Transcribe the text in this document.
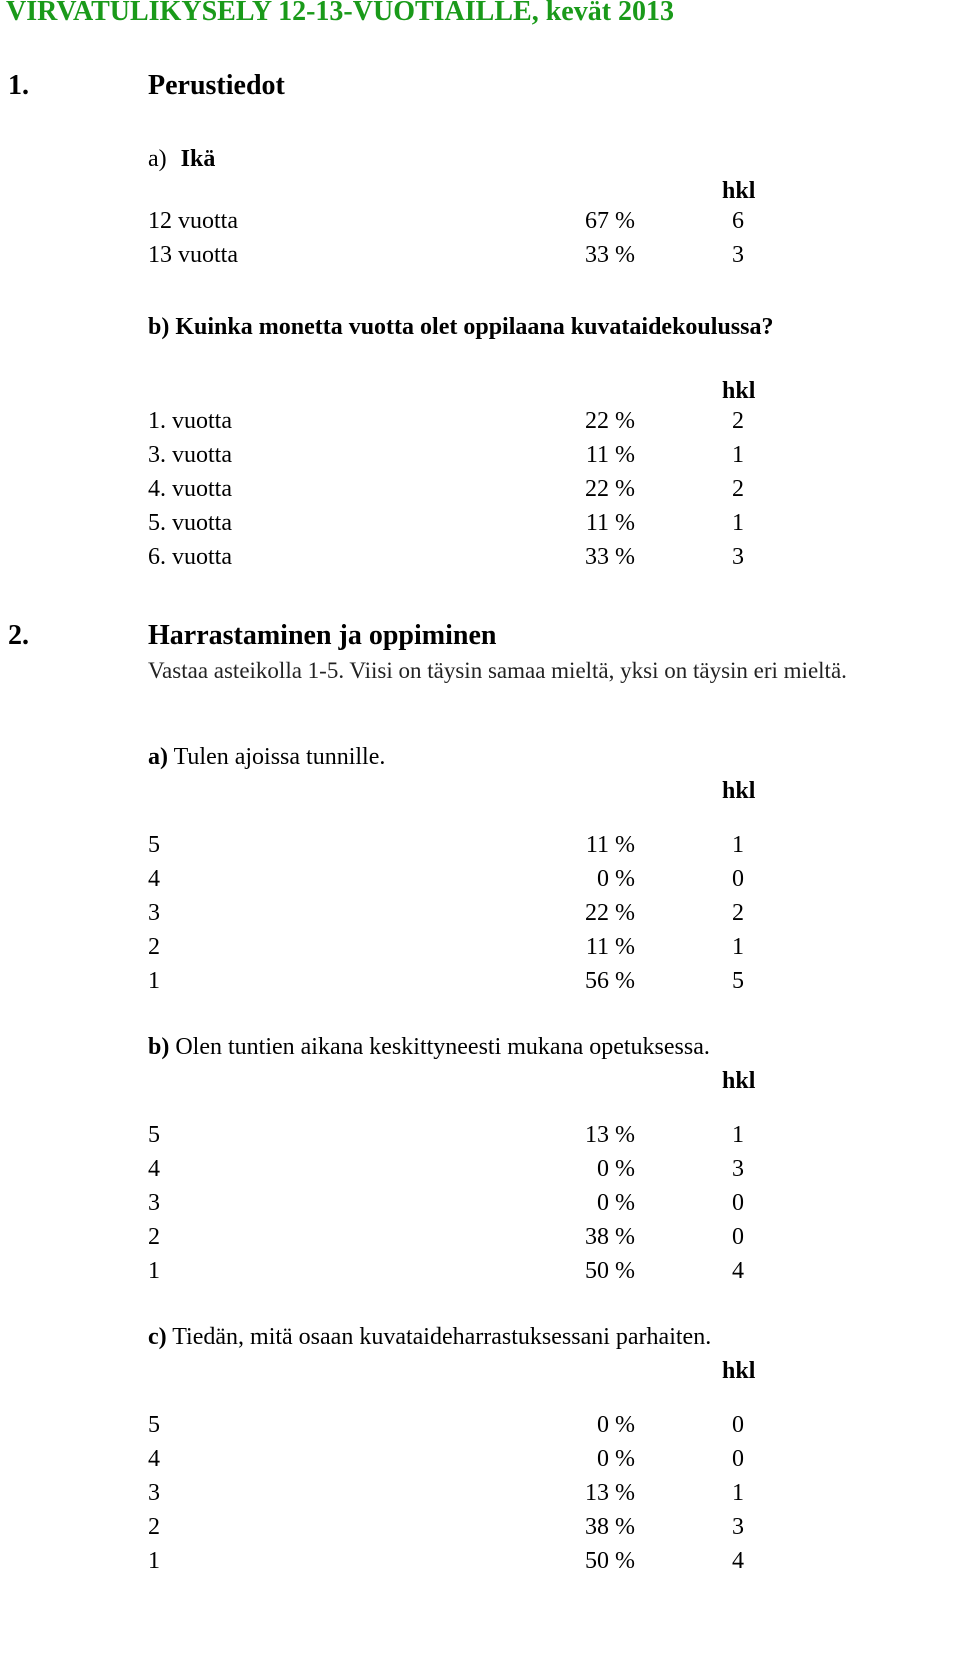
VIRVATULIKYSELY 12-13-VUOTIAILLE, kevät 2013
1.	Perustiedot
a) Ikä
hkl
12 vuotta	67 %	6
13 vuotta	33 %	3
b) Kuinka monetta vuotta olet oppilaana kuvataidekoulussa?
hkl
1. vuotta	22 %	2
3. vuotta	11 %	1
4. vuotta	22 %	2
5. vuotta	11 %	1
6. vuotta	33 %	3
2.	Harrastaminen ja oppiminen
Vastaa asteikolla 1-5. Viisi on täysin samaa mieltä, yksi on täysin eri mieltä.
a) Tulen ajoissa tunnille.
hkl
5	11 %	1
4	0 %	0
3	22 %	2
2	11 %	1
1	56 %	5
b) Olen tuntien aikana keskittyneesti mukana opetuksessa.
hkl
5	13 %	1
4	0 %	3
3	0 %	0
2	38 %	0
1	50 %	4
c) Tiedän, mitä osaan kuvataideharrastuksessani parhaiten.
hkl
5	0 %	0
4	0 %	0
3	13 %	1
2	38 %	3
1	50 %	4
